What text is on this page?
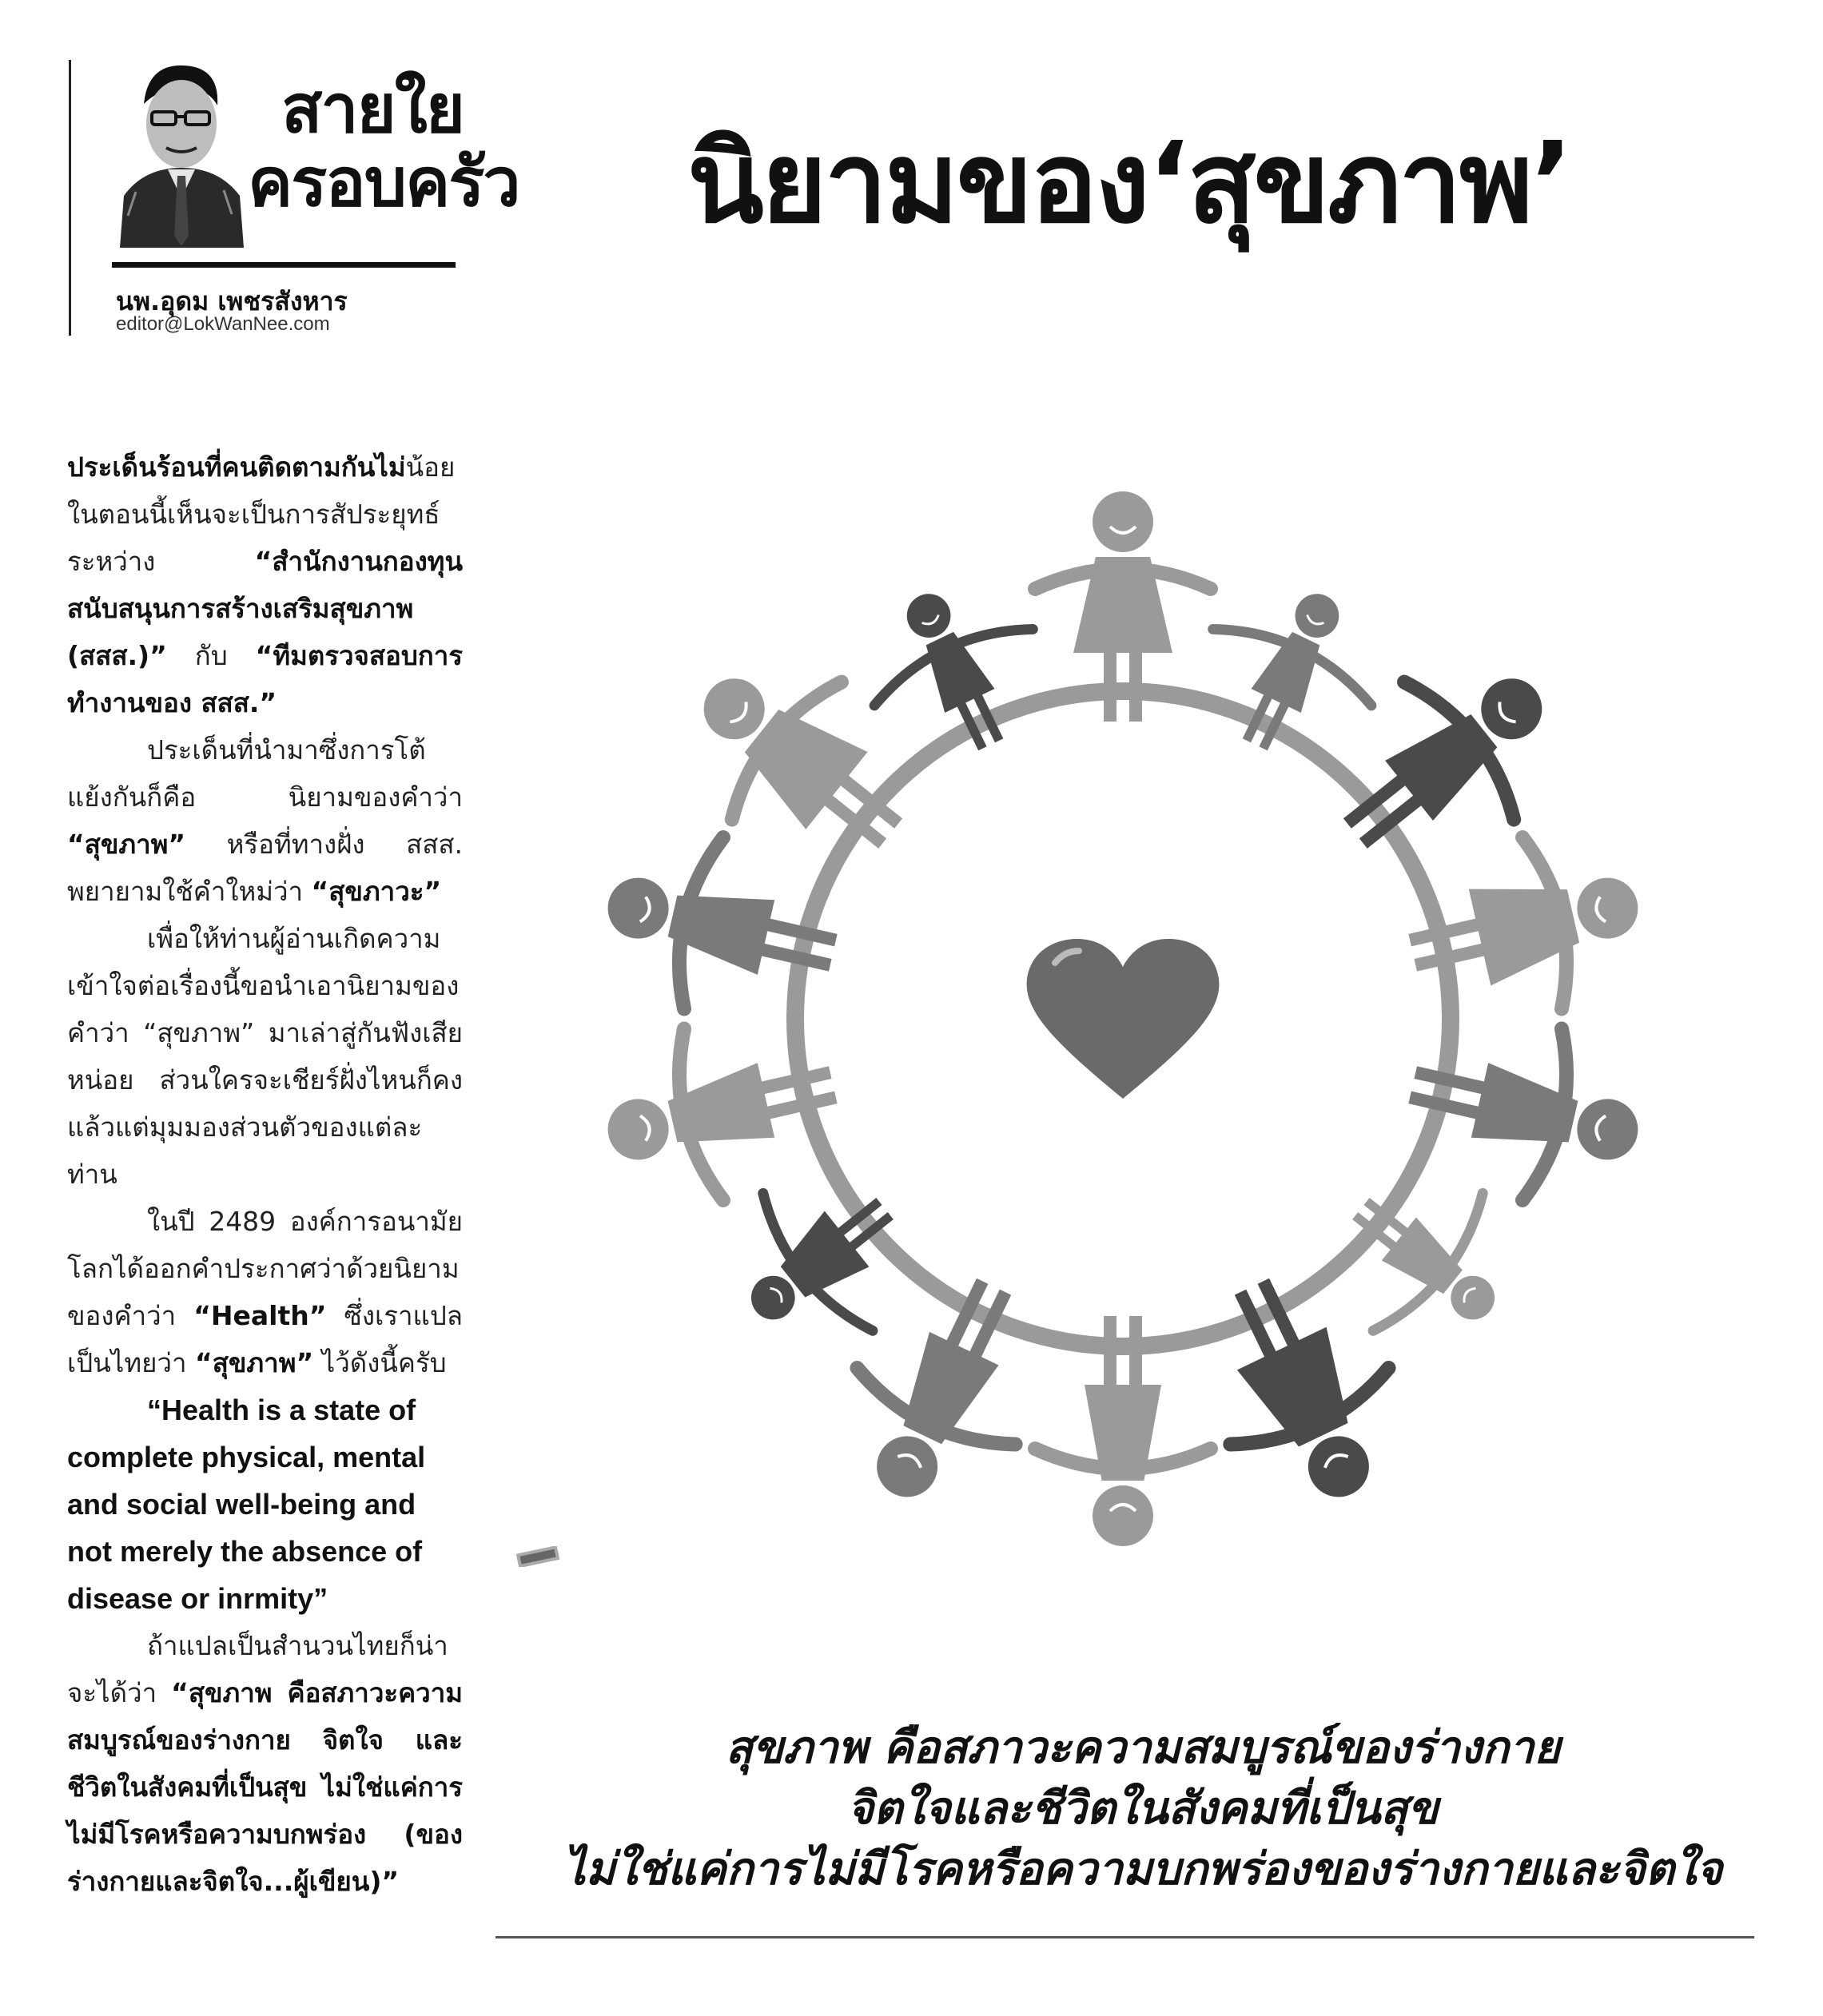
สายใย
ครอบครัว
นพ.อุดม เพชรสังหาร
editor@LokWanNee.com
นิยามของ‘สุขภาพ’

ประเด็นร้อนที่คนติดตามกันไม่น้อยในตอนนี้เห็นจะเป็นการสัประยุทธ์ระหว่าง “สำนักงานกองทุนสนับสนุนการสร้างเสริมสุขภาพ (สสส.)” กับ “ทีมตรวจสอบการทำงานของ สสส.”

ประเด็นที่นำมาซึ่งการโต้แย้งกันก็คือ นิยามของคำว่า “สุขภาพ” หรือที่ทางฝั่ง สสส. พยายามใช้คำใหม่ว่า “สุขภาวะ”

เพื่อให้ท่านผู้อ่านเกิดความเข้าใจต่อเรื่องนี้ขอนำเอานิยามของคำว่า “สุขภาพ” มาเล่าสู่กันฟังเสียหน่อย ส่วนใครจะเชียร์ฝั่งไหนก็คงแล้วแต่มุมมองส่วนตัวของแต่ละท่าน

ในปี 2489 องค์การอนามัยโลกได้ออกคำประกาศว่าด้วยนิยามของคำว่า “Health” ซึ่งเราแปลเป็นไทยว่า “สุขภาพ” ไว้ดังนี้ครับ

“Health is a state of complete physical, mental and social well-being and not merely the absence of disease or inrmity”

ถ้าแปลเป็นสำนวนไทยก็น่าจะได้ว่า “สุขภาพ คือสภาวะความสมบูรณ์ของร่างกาย จิตใจ และชีวิตในสังคมที่เป็นสุข ไม่ใช่แค่การไม่มีโรคหรือความบกพร่อง (ของร่างกายและจิตใจ...ผู้เขียน)”

สุขภาพ คือสภาวะความสมบูรณ์ของร่างกาย
จิตใจและชีวิตในสังคมที่เป็นสุข
ไม่ใช่แค่การไม่มีโรคหรือความบกพร่องของร่างกายและจิตใจ
